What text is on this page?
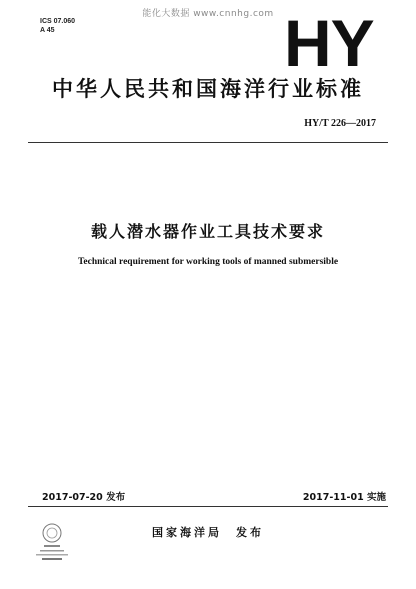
能化大数据 www.cnnhg.com
ICS 07.060
A 45	HY
中华人民共和国海洋行业标准
HY/T 226—2017
载人潜水器作业工具技术要求
Technical requirement for working tools of manned submersible
2017-07-20 发布	2017-11-01 实施
国家海洋局 发布
